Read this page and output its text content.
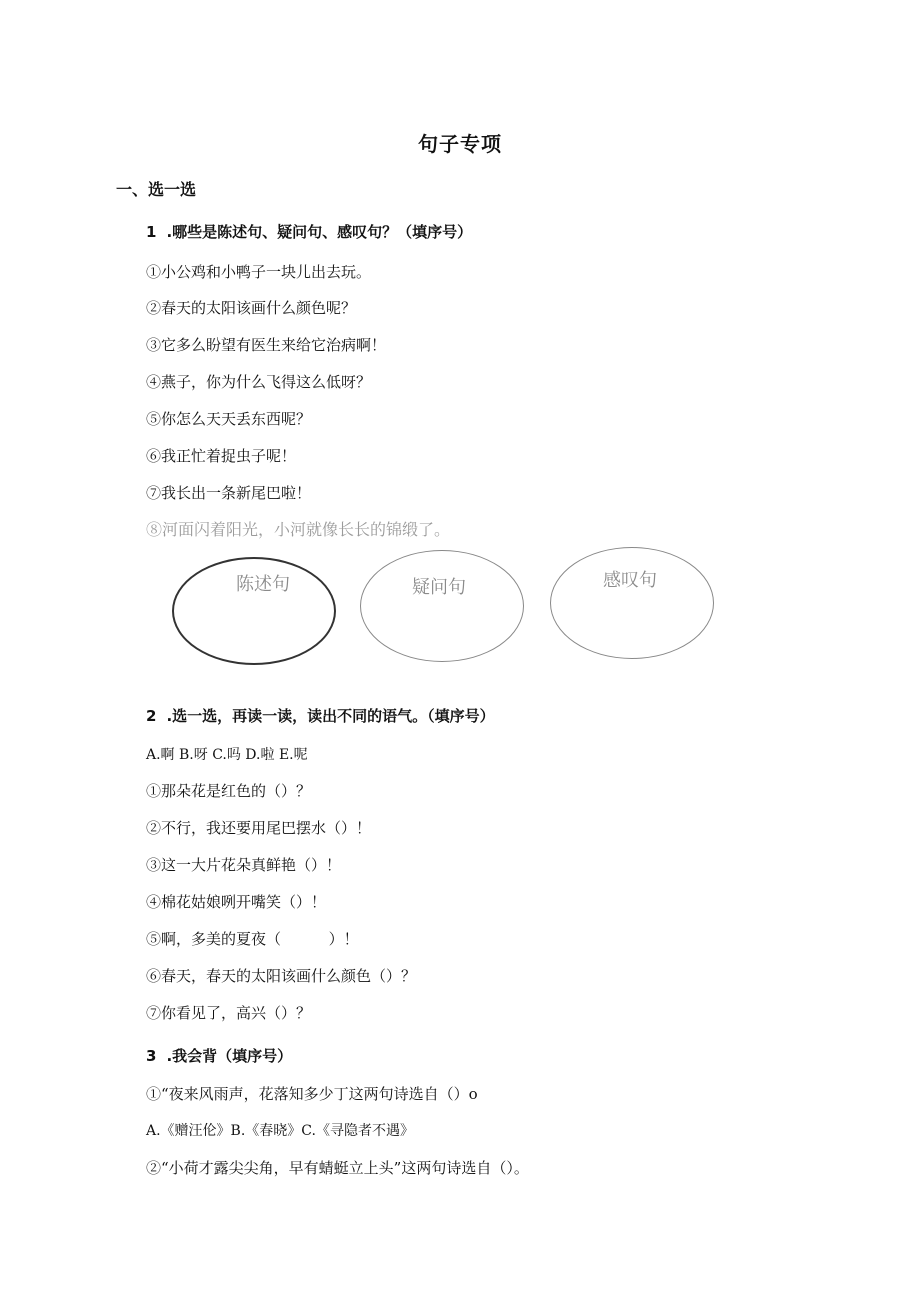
句子专项
一、选一选
1 .哪些是陈述句、疑问句、感叹句？（填序号）
①小公鸡和小鸭子一块儿出去玩。
②春天的太阳该画什么颜色呢？
③它多么盼望有医生来给它治病啊！
④燕子，你为什么飞得这么低呀？
⑤你怎么天天丢东西呢？
⑥我正忙着捉虫子呢！
⑦我长出一条新尾巴啦！
⑧河面闪着阳光，小河就像长长的锦缎了。
陈述句	疑问句	感叹句
2 .选一选，再读一读，读出不同的语气。（填序号）
A.啊 B.呀 C.吗 D.啦 E.呢
①那朵花是红色的（）？
②不行，我还要用尾巴摆水（）！
③这一大片花朵真鲜艳（）！
④棉花姑娘咧开嘴笑（）！
⑤啊，多美的夏夜（          ）！
⑥春天，春天的太阳该画什么颜色（）？
⑦你看见了，高兴（）？
3 .我会背（填序号）
①“夜来风雨声，花落知多少丁这两句诗选自（）o
A.《赠汪伦》B.《春晓》C.《寻隐者不遇》
②“小荷才露尖尖角，早有蜻蜓立上头”这两句诗选自（）。
